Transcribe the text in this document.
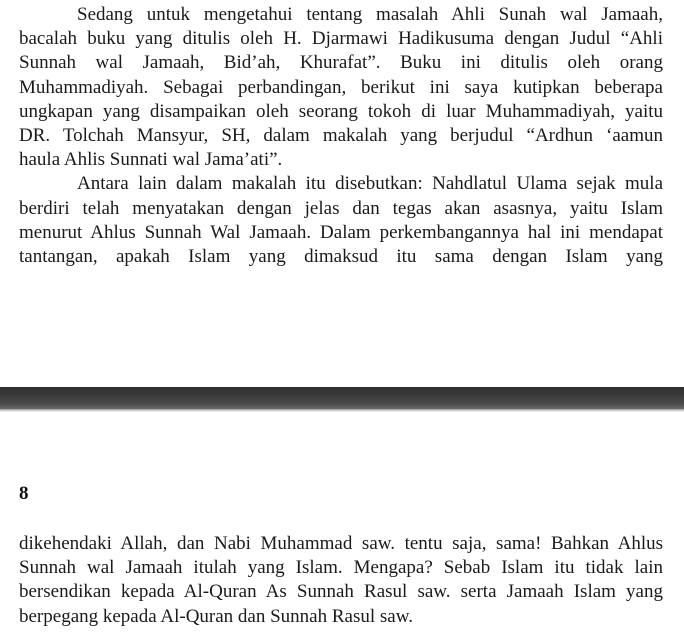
Sedang untuk mengetahui tentang masalah Ahli Sunah wal Jamaah,
bacalah buku yang ditulis oleh H. Djarmawi Hadikusuma dengan Judul “Ahli
Sunnah wal Jamaah, Bid’ah, Khurafat”. Buku ini ditulis oleh orang
Muhammadiyah. Sebagai perbandingan, berikut ini saya kutipkan beberapa
ungkapan yang disampaikan oleh seorang tokoh di luar Muhammadiyah, yaitu
DR. Tolchah Mansyur, SH, dalam makalah yang berjudul “Ardhun ‘aamun
haula Ahlis Sunnati wal Jama’ati”.

Antara lain dalam makalah itu disebutkan: Nahdlatul Ulama sejak mula
berdiri telah menyatakan dengan jelas dan tegas akan asasnya, yaitu Islam
menurut Ahlus Sunnah Wal Jamaah. Dalam perkembangannya hal ini mendapat
tantangan, apakah Islam yang dimaksud itu sama dengan Islam yang

8

dikehendaki Allah, dan Nabi Muhammad saw. tentu saja, sama! Bahkan Ahlus
Sunnah wal Jamaah itulah yang Islam. Mengapa? Sebab Islam itu tidak lain
bersendikan kepada Al-Quran As Sunnah Rasul saw. serta Jamaah Islam yang
berpegang kepada Al-Quran dan Sunnah Rasul saw.
